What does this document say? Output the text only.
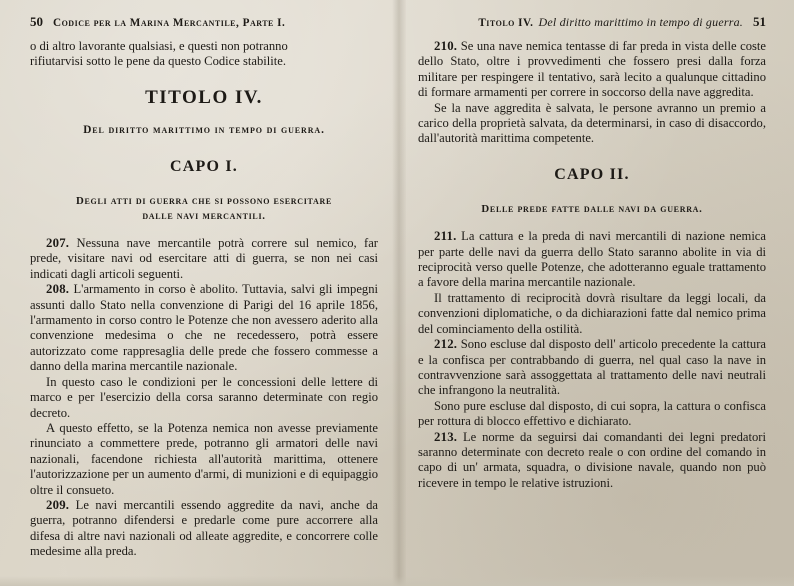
50 Codice per la Marina Mercantile, Parte I.

o di altro lavorante qualsiasi, e questi non potranno

rifiutarvisi sotto le pene da questo Codice stabilite.

TITOLO IV.
Del diritto marittimo in tempo di guerra.
CAPO I.
Degli atti di guerra che si possono esercitare
dalle navi mercantili.

207. Nessuna nave mercantile potrà correre sul nemico, far prede, visitare navi od esercitare atti di guerra, se non nei casi indicati dagli articoli seguenti.

208. L'armamento in corso è abolito. Tuttavia, salvi gli impegni assunti dallo Stato nella convenzione di Parigi del 16 aprile 1856, l'armamento in corso contro le Potenze che non avessero aderito alla convenzione medesima o che ne recedessero, potrà essere autorizzato come rappresaglia delle prede che fossero commesse a danno della marina mercantile nazionale.

In questo caso le condizioni per le concessioni delle lettere di marco e per l'esercizio della corsa saranno determinate con regio decreto.

A questo effetto, se la Potenza nemica non avesse previamente rinunciato a commettere prede, potranno gli armatori delle navi nazionali, facendone richiesta all'autorità marittima, ottenere l'autorizzazione per un aumento d'armi, di munizioni e di equipaggio oltre il consueto.

209. Le navi mercantili essendo aggredite da navi, anche da guerra, potranno difendersi e predarle come pure accorrere alla difesa di altre navi nazionali od alleate aggredite, e concorrere colle medesime alla preda.

Titolo IV. Del diritto marittimo in tempo di guerra. 51

210. Se una nave nemica tentasse di far preda in vista delle coste dello Stato, oltre i provvedimenti che fossero presi dalla forza militare per respingere il tentativo, sarà lecito a qualunque cittadino di formare armamenti per correre in soccorso della nave aggredita.

Se la nave aggredita è salvata, le persone avranno un premio a carico della proprietà salvata, da determinarsi, in caso di disaccordo, dall'autorità marittima competente.

CAPO II.
Delle prede fatte dalle navi da guerra.

211. La cattura e la preda di navi mercantili di nazione nemica per parte delle navi da guerra dello Stato saranno abolite in via di reciprocità verso quelle Potenze, che adotteranno eguale trattamento a favore della marina mercantile nazionale.

Il trattamento di reciprocità dovrà risultare da leggi locali, da convenzioni diplomatiche, o da dichiarazioni fatte dal nemico prima del cominciamento della ostilità.

212. Sono escluse dal disposto dell' articolo precedente la cattura e la confisca per contrabbando di guerra, nel qual caso la nave in contravvenzione sarà assoggettata al trattamento delle navi neutrali che infrangono la neutralità.

Sono pure escluse dal disposto, di cui sopra, la cattura o confisca per rottura di blocco effettivo e dichiarato.

213. Le norme da seguirsi dai comandanti dei legni predatori saranno determinate con decreto reale o con ordine del comando in capo di un' armata, squadra, o divisione navale, quando non può ricevere in tempo le relative istruzioni.
